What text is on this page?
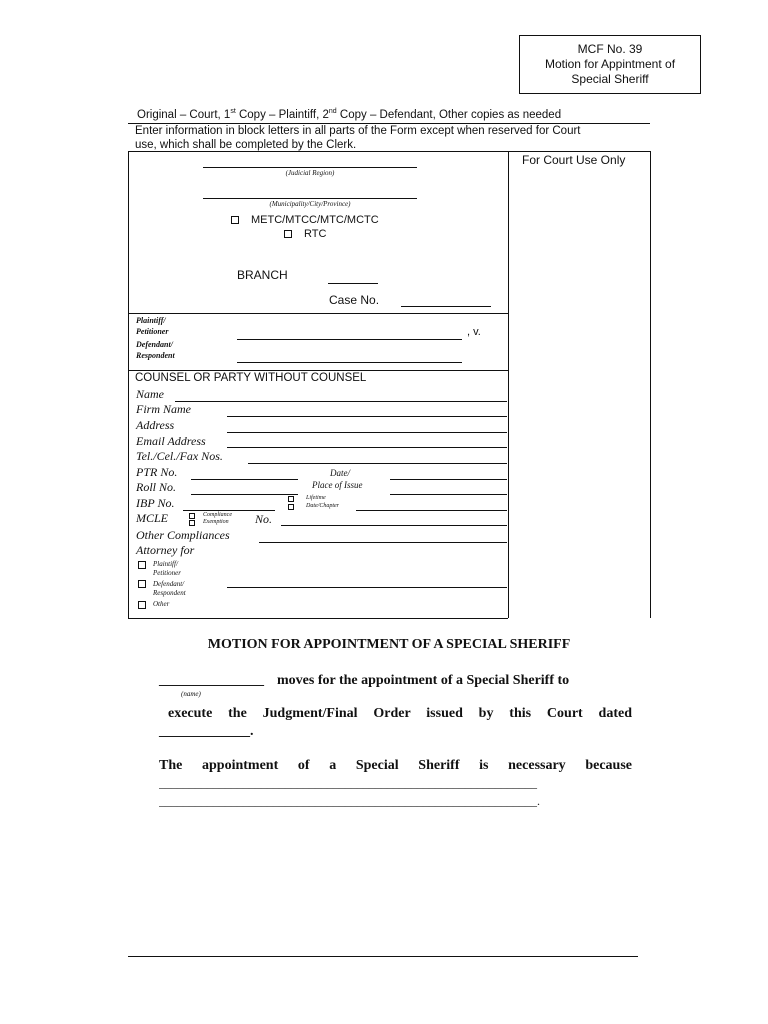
MCF No. 39
Motion for Appintment of
Special Sheriff
Original – Court, 1st Copy – Plaintiff, 2nd Copy – Defendant, Other copies as needed
Enter information in block letters in all parts of the Form except when reserved for Court
use, which shall be completed by the Clerk.
For Court Use Only
(Judicial Region)
(Municipality/City/Province)
METC/MTCC/MTC/MCTC
RTC
BRANCH
Case No.
Plaintiff/
Petitioner	, v.
Defendant/
Respondent
COUNSEL OR PARTY WITHOUT COUNSEL
Name
Firm Name
Address
Email Address
Tel./Cel./Fax Nos.
PTR No.
Roll No.
IBP No.
Date/
Place of Issue
Lifetime
Date/Chapter
MCLE	Compliance
Exemption No.
Other Compliances
Attorney for
Plaintiff/
Petitioner
Defendant/
Respondent
Other
MOTION FOR APPOINTMENT OF A SPECIAL SHERIFF
_______________ moves for the appointment of a Special Sheriff to
(name)
execute the Judgment/Final Order issued by this Court dated
_____________.
The appointment of a Special Sheriff is necessary because
_______________________________________________________________
_______________________________________________________________.
